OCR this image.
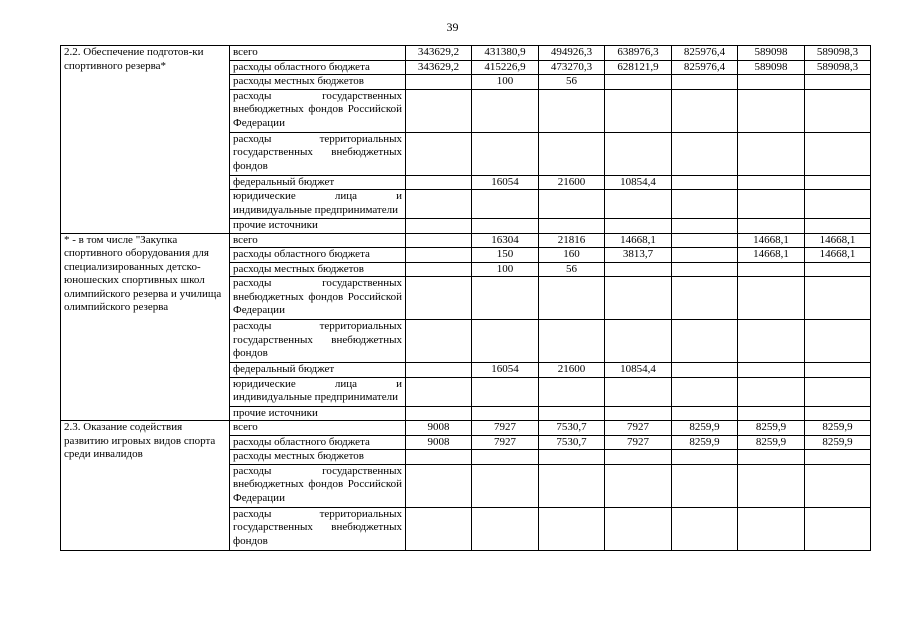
39
2.2. Обеспечение подготов-ки спортивного резерва*	всего	343629,2	431380,9	494926,3	638976,3	825976,4	589098	589098,3
	расходы областного бюджета	343629,2	415226,9	473270,3	628121,9	825976,4	589098	589098,3
	расходы местных бюджетов		100	56				
	расходы государственных внебюджетных фондов Российской Федерации							
	расходы территориальных государственных внебюджетных фондов							
	федеральный бюджет		16054	21600	10854,4			
	юридические лица и индивидуальные предприниматели							
	прочие источники							
* - в том числе "Закупка спортивного оборудования для специализированных детско-юношеских спортивных школ олимпийского резерва и училища олимпийского резерва	всего		16304	21816	14668,1		14668,1	14668,1
	расходы областного бюджета		150	160	3813,7		14668,1	14668,1
	расходы местных бюджетов		100	56				
	расходы государственных внебюджетных фондов Российской Федерации							
	расходы территориальных государственных внебюджетных фондов							
	федеральный бюджет		16054	21600	10854,4			
	юридические лица и индивидуальные предприниматели							
	прочие источники							
2.3. Оказание содействия развитию игровых видов спорта среди инвалидов	всего	9008	7927	7530,7	7927	8259,9	8259,9	8259,9
	расходы областного бюджета	9008	7927	7530,7	7927	8259,9	8259,9	8259,9
	расходы местных бюджетов							
	расходы государственных внебюджетных фондов Российской Федерации							
	расходы территориальных государственных внебюджетных фондов							
